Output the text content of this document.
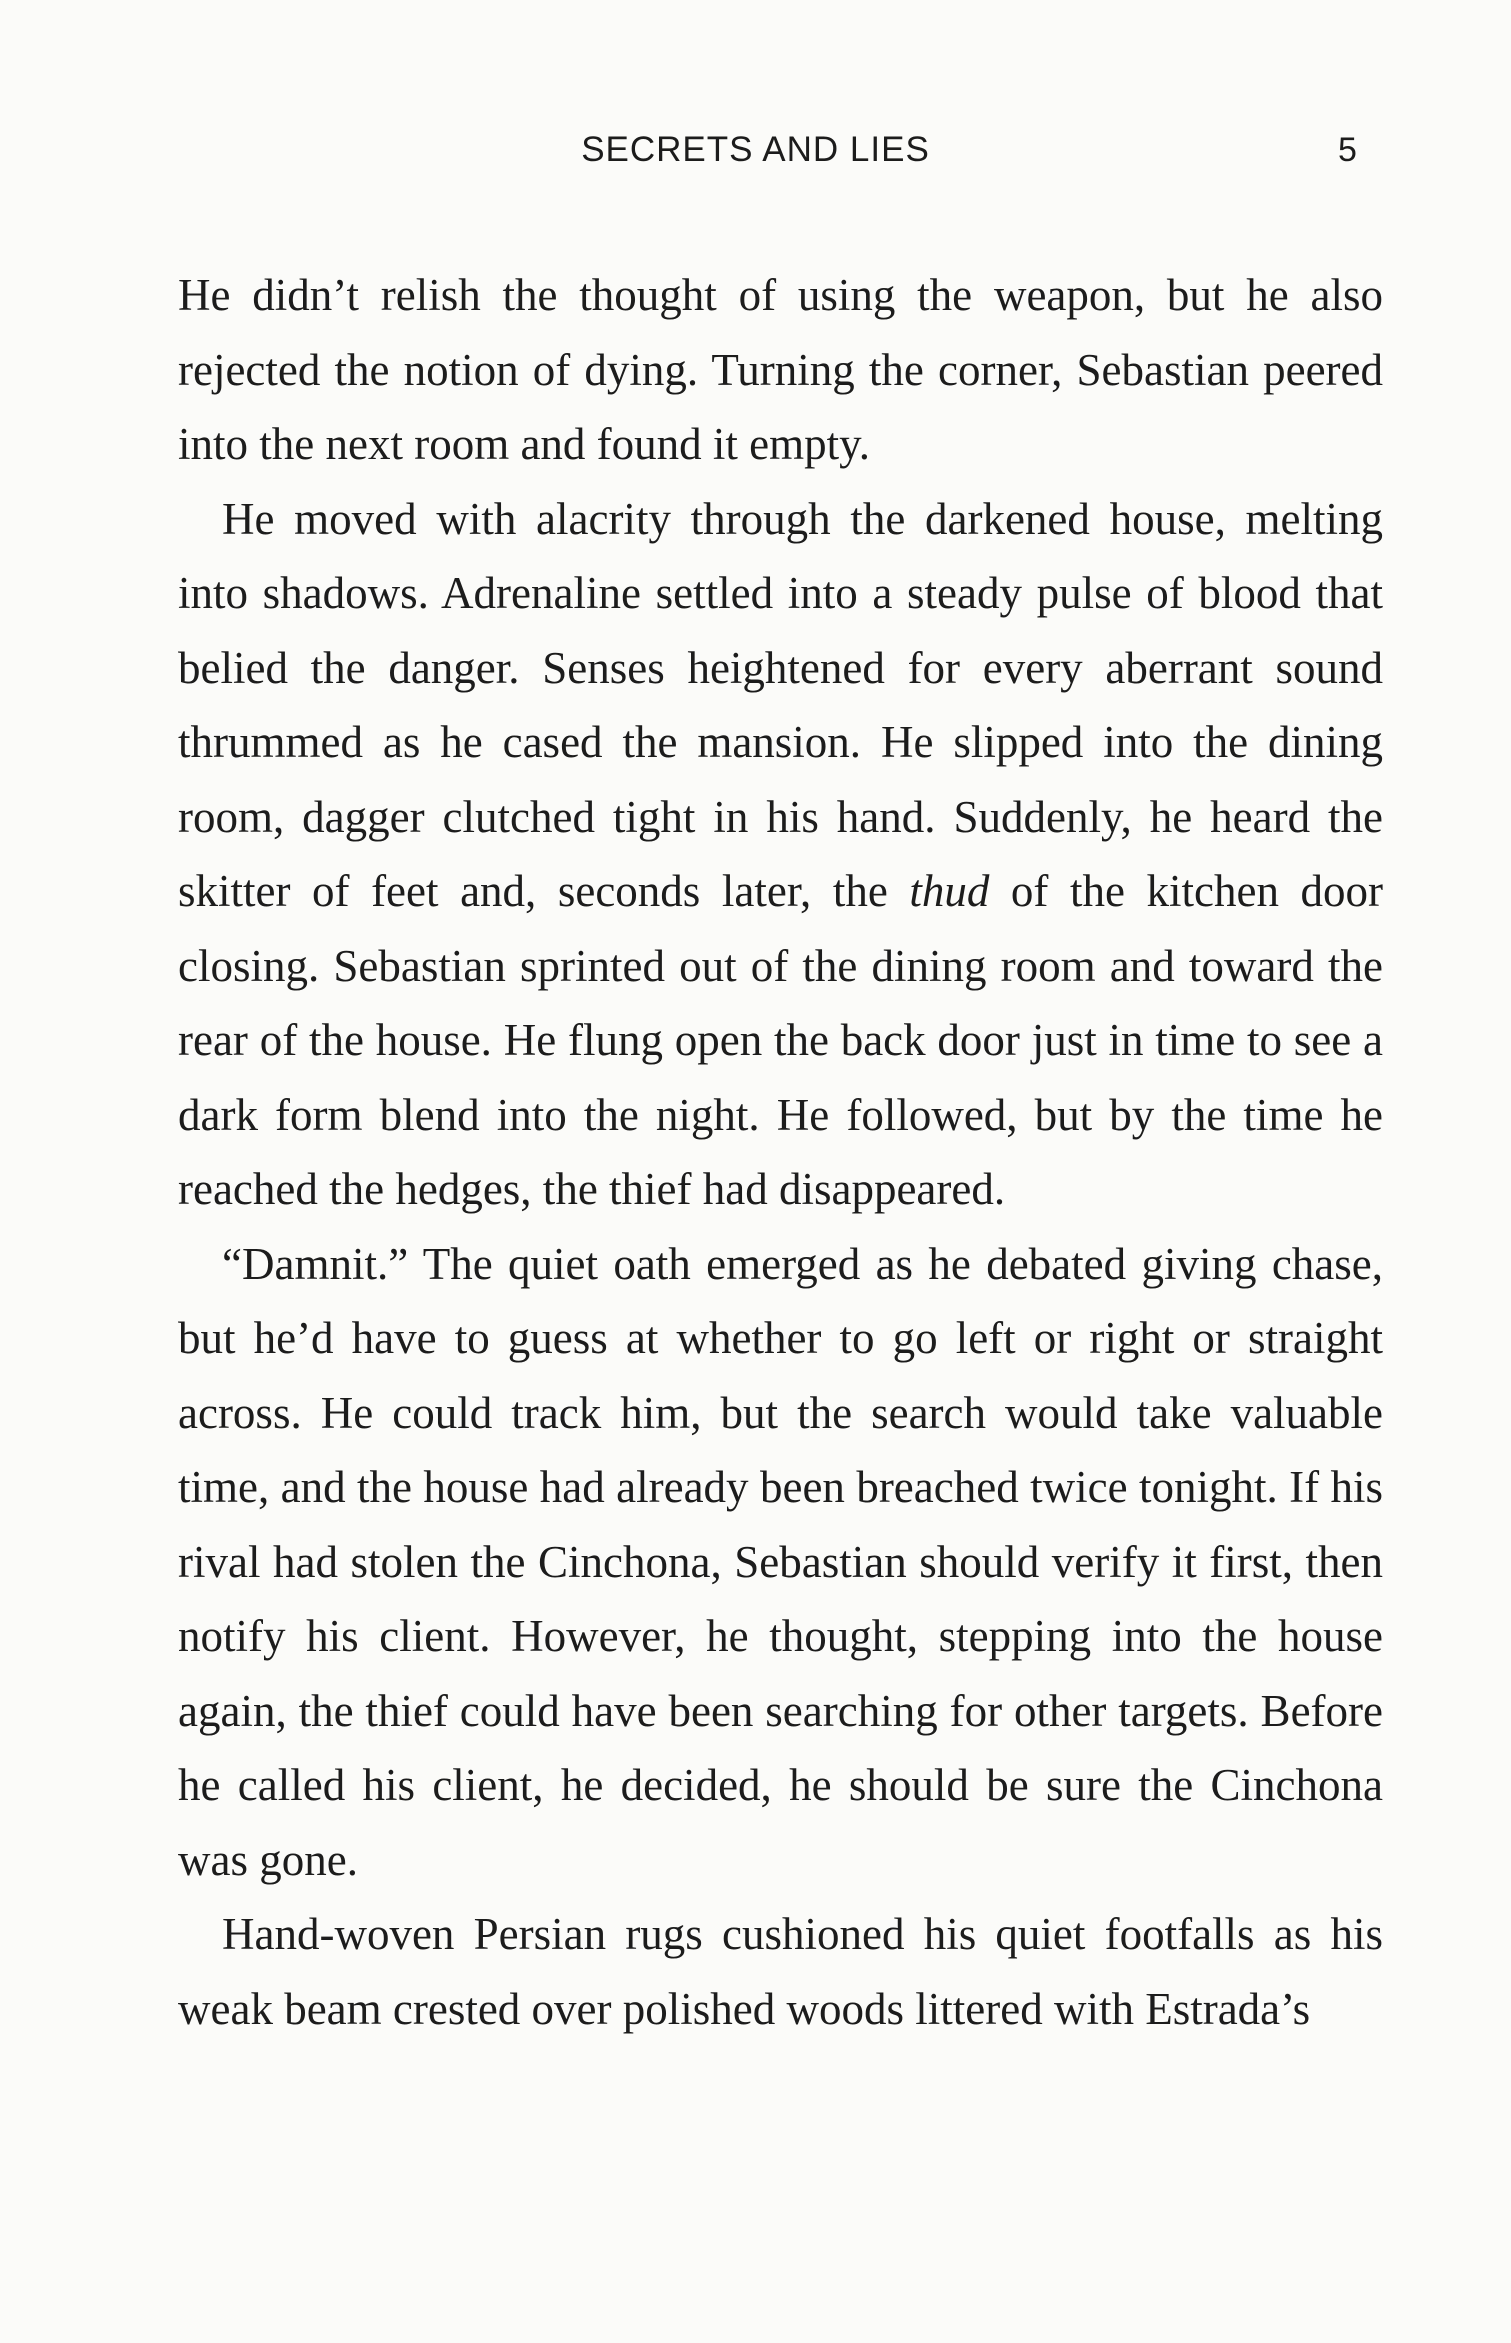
SECRETS AND LIES	5

He didn’t relish the thought of using the weapon, but he also rejected the notion of dying. Turning the corner, Sebastian peered into the next room and found it empty.

He moved with alacrity through the darkened house, melting into shadows. Adrenaline settled into a steady pulse of blood that belied the danger. Senses heightened for every aberrant sound thrummed as he cased the mansion. He slipped into the dining room, dagger clutched tight in his hand. Suddenly, he heard the skitter of feet and, seconds later, the thud of the kitchen door closing. Sebastian sprinted out of the dining room and toward the rear of the house. He flung open the back door just in time to see a dark form blend into the night. He followed, but by the time he reached the hedges, the thief had disappeared.

“Damnit.” The quiet oath emerged as he debated giving chase, but he’d have to guess at whether to go left or right or straight across. He could track him, but the search would take valuable time, and the house had already been breached twice tonight. If his rival had stolen the Cinchona, Sebastian should verify it first, then notify his client. However, he thought, stepping into the house again, the thief could have been searching for other targets. Before he called his client, he decided, he should be sure the Cinchona was gone.

Hand-woven Persian rugs cushioned his quiet footfalls as his weak beam crested over polished woods littered with Estrada’s
